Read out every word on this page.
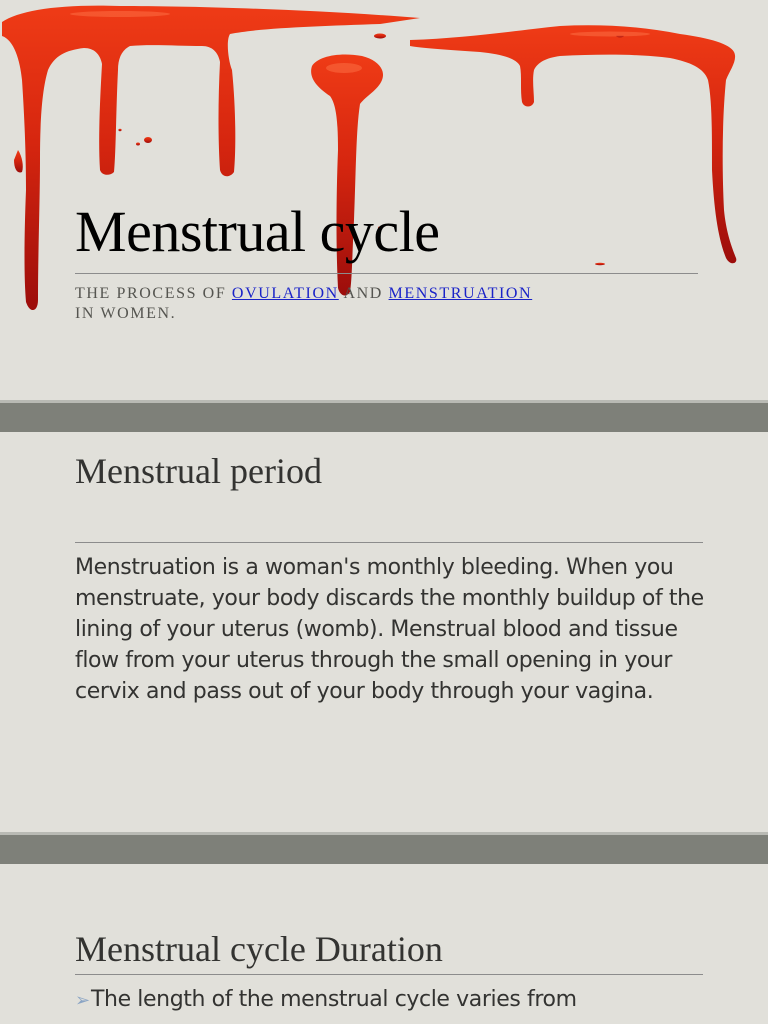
Menstrual cycle
THE PROCESS OF OVULATION AND MENSTRUATION IN WOMEN.
Menstrual period

Menstruation is a woman's monthly bleeding. When you menstruate, your body discards the monthly buildup of the lining of your uterus (womb). Menstrual blood and tissue flow from your uterus through the small opening in your cervix and pass out of your body through your vagina.

Menstrual cycle Duration
➢The length of the menstrual cycle varies from
